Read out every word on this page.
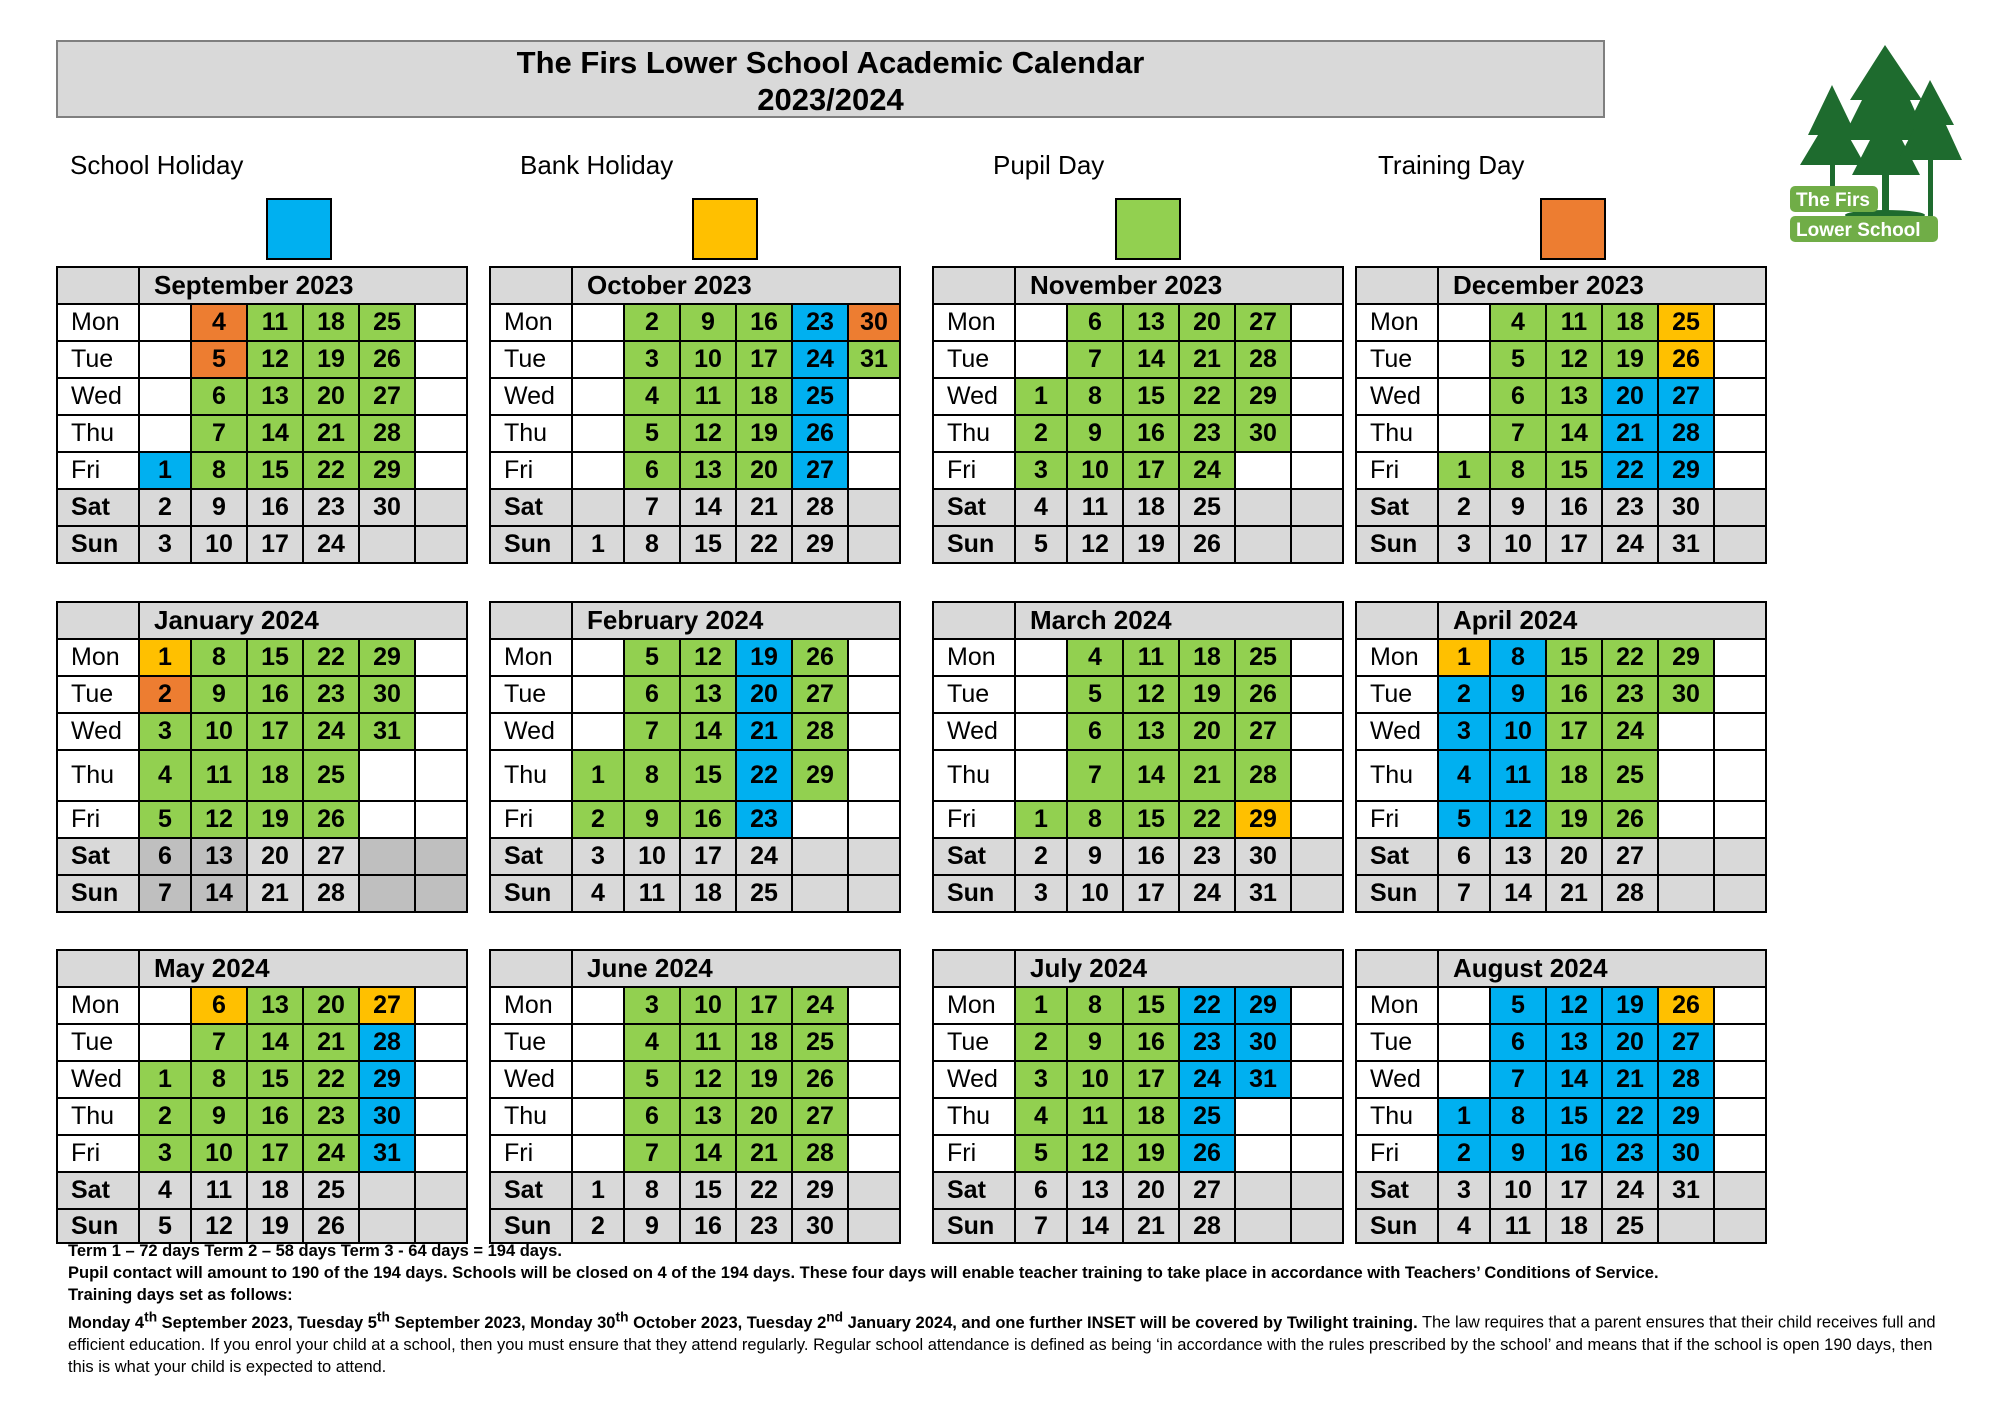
The Firs Lower School Academic Calendar
2023/2024
School Holiday	Bank Holiday	Pupil Day	Training Day
The Firs
Lower School
	September 2023					
Mon		4	11	18	25	
Tue		5	12	19	26	
Wed		6	13	20	27	
Thu		7	14	21	28	
Fri	1	8	15	22	29	
Sat	2	9	16	23	30	
Sun	3	10	17	24		
	October 2023					
Mon		2	9	16	23	30
Tue		3	10	17	24	31
Wed		4	11	18	25	
Thu		5	12	19	26	
Fri		6	13	20	27	
Sat		7	14	21	28	
Sun	1	8	15	22	29	
	November 2023					
Mon		6	13	20	27	
Tue		7	14	21	28	
Wed	1	8	15	22	29	
Thu	2	9	16	23	30	
Fri	3	10	17	24		
Sat	4	11	18	25		
Sun	5	12	19	26		
	December 2023					
Mon		4	11	18	25	
Tue		5	12	19	26	
Wed		6	13	20	27	
Thu		7	14	21	28	
Fri	1	8	15	22	29	
Sat	2	9	16	23	30	
Sun	3	10	17	24	31	
	January 2024					
Mon	1	8	15	22	29	
Tue	2	9	16	23	30	
Wed	3	10	17	24	31	
Thu	4	11	18	25		
Fri	5	12	19	26		
Sat	6	13	20	27		
Sun	7	14	21	28		
	February 2024					
Mon		5	12	19	26	
Tue		6	13	20	27	
Wed		7	14	21	28	
Thu	1	8	15	22	29	
Fri	2	9	16	23		
Sat	3	10	17	24		
Sun	4	11	18	25		
	March 2024					
Mon		4	11	18	25	
Tue		5	12	19	26	
Wed		6	13	20	27	
Thu		7	14	21	28	
Fri	1	8	15	22	29	
Sat	2	9	16	23	30	
Sun	3	10	17	24	31	
	April 2024					
Mon	1	8	15	22	29	
Tue	2	9	16	23	30	
Wed	3	10	17	24		
Thu	4	11	18	25		
Fri	5	12	19	26		
Sat	6	13	20	27		
Sun	7	14	21	28		
	May 2024					
Mon		6	13	20	27	
Tue		7	14	21	28	
Wed	1	8	15	22	29	
Thu	2	9	16	23	30	
Fri	3	10	17	24	31	
Sat	4	11	18	25		
Sun	5	12	19	26		
	June 2024					
Mon		3	10	17	24	
Tue		4	11	18	25	
Wed		5	12	19	26	
Thu		6	13	20	27	
Fri		7	14	21	28	
Sat	1	8	15	22	29	
Sun	2	9	16	23	30	
	July 2024					
Mon	1	8	15	22	29	
Tue	2	9	16	23	30	
Wed	3	10	17	24	31	
Thu	4	11	18	25		
Fri	5	12	19	26		
Sat	6	13	20	27		
Sun	7	14	21	28		
	August 2024					
Mon		5	12	19	26	
Tue		6	13	20	27	
Wed		7	14	21	28	
Thu	1	8	15	22	29	
Fri	2	9	16	23	30	
Sat	3	10	17	24	31	
Sun	4	11	18	25		

Term 1 – 72 days Term 2 – 58 days Term 3 - 64 days = 194 days.

Pupil contact will amount to 190 of the 194 days. Schools will be closed on 4 of the 194 days. These four days will enable teacher training to take place in accordance with Teachers’ Conditions of Service.

Training days set as follows:

Monday 4th September 2023, Tuesday 5th September 2023, Monday 30th October 2023, Tuesday 2nd January 2024, and one further INSET will be covered by Twilight training. The law requires that a parent ensures that their child receives full and efficient education. If you enrol your child at a school, then you must ensure that they attend regularly. Regular school attendance is defined as being ‘in accordance with the rules prescribed by the school’ and means that if the school is open 190 days, then this is what your child is expected to attend.
